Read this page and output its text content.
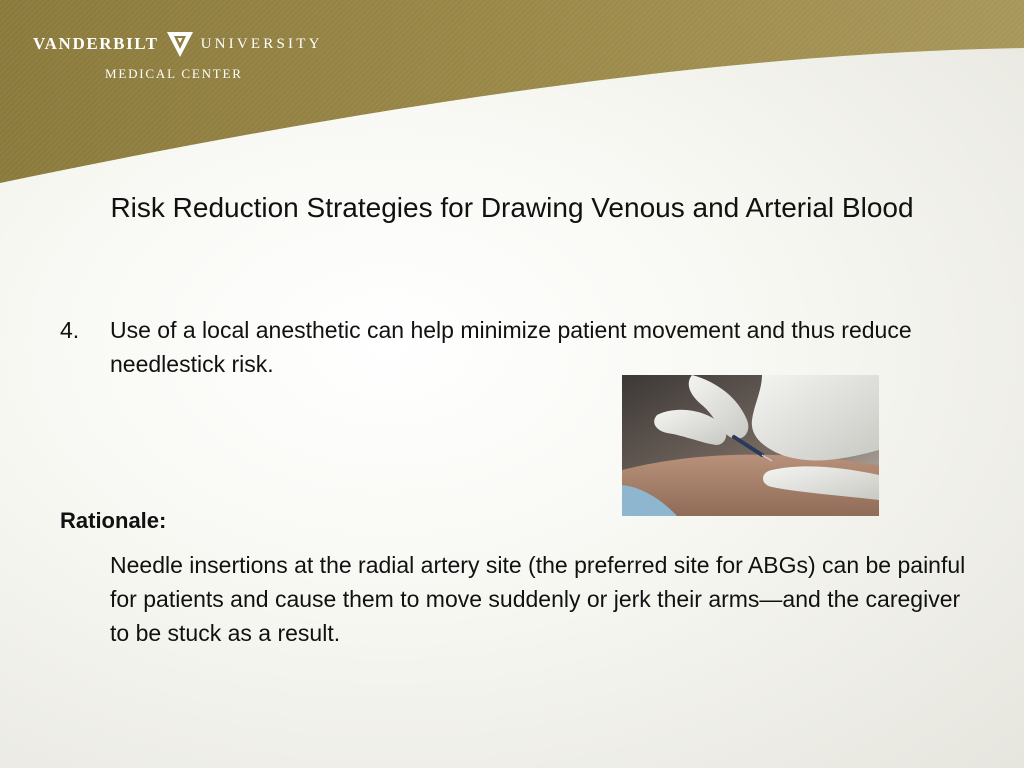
VANDERBILT	UNIVERSITY
MEDICAL CENTER
Risk Reduction Strategies for Drawing Venous and Arterial Blood
4.	Use of a local anesthetic can help minimize patient movement and thus reduce needlestick risk.
Rationale:
Needle insertions at the radial artery site (the preferred site for ABGs) can be painful for patients and cause them to move suddenly or jerk their arms—and the caregiver to be stuck as a result.
